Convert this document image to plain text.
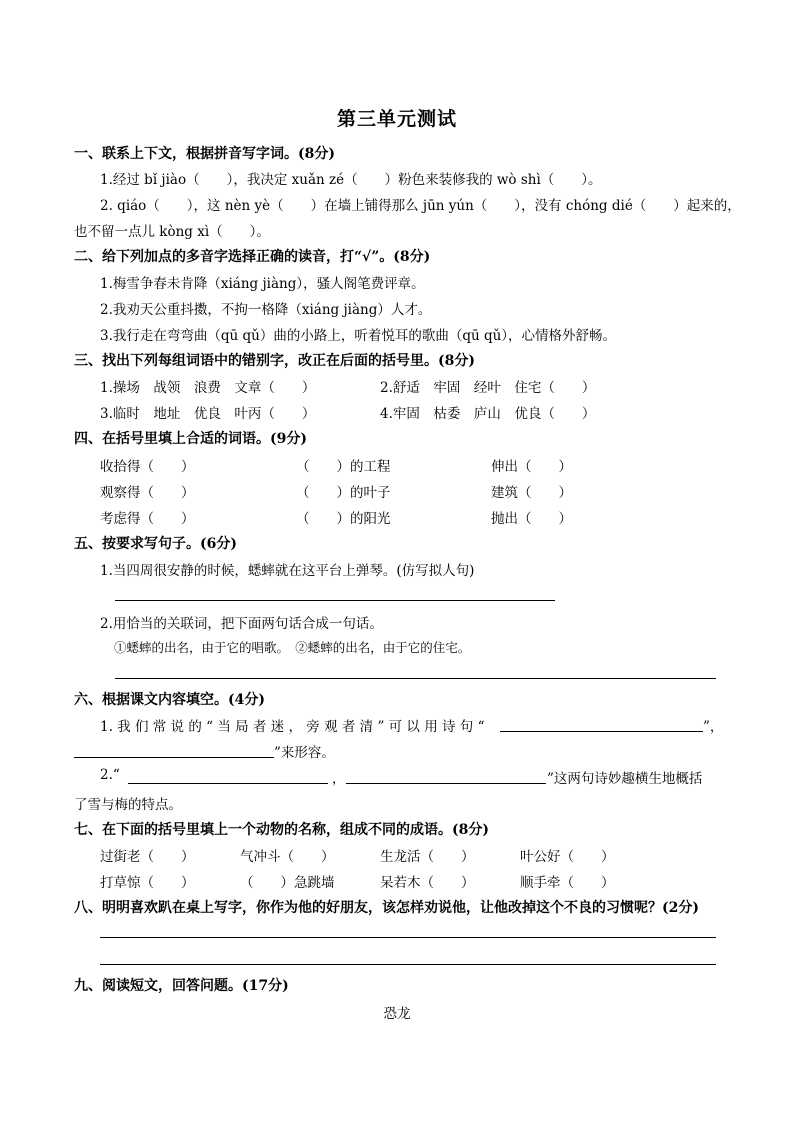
第三单元测试
一、联系上下文，根据拼音写字词。(8分)
1.经过 bǐ jiào（　　），我决定 xuǎn zé（　　）粉色来装修我的 wò shì（　　）。
2. qiáo（　　），这 nèn yè（　　）在墙上铺得那么 jūn yún（　　），没有 chóng dié（　　）起来的，
也不留一点儿 kòng xì（　　）。
二、给下列加点的多音字选择正确的读音，打“√”。(8分)
1.梅雪争春未肯降（xiáng jiàng），骚人阁笔费评章。
2.我劝天公重抖擞，不拘一格降（xiáng jiàng）人才。
3.我行走在弯弯曲（qū qǔ）曲的小路上，听着悦耳的歌曲（qū qǔ），心情格外舒畅。
三、找出下列每组词语中的错别字，改正在后面的括号里。(8分)
1.操场　战领　浪费　文章（　　）	2.舒适　牢固　经叶　住宅（　　）
3.临时　地址　优良　叶丙（　　）	4.牢固　枯委　庐山　优良（　　）
四、在括号里填上合适的词语。(9分)
收拾得（　　）	（　　）的工程	伸出（　　）
观察得（　　）	（　　）的叶子	建筑（　　）
考虑得（　　）	（　　）的阳光	抛出（　　）
五、按要求写句子。(6分)
1.当四周很安静的时候，蟋蟀就在这平台上弹琴。(仿写拟人句)
2.用恰当的关联词，把下面两句话合成一句话。
①蟋蟀的出名，由于它的唱歌。　②蟋蟀的出名，由于它的住宅。
六、根据课文内容填空。(4分)
1. 我 们 常 说 的 “ 当 局 者 迷 ， 旁 观 者 清 ” 可 以 用 诗 句 “	”，
”来形容。
2.“	，	”这两句诗妙趣横生地概括
了雪与梅的特点。
七、在下面的括号里填上一个动物的名称，组成不同的成语。(8分)
过街老（　　）	气冲斗（　　）	生龙活（　　）	叶公好（　　）
打草惊（　　）	（　　）急跳墙	呆若木（　　）	顺手牵（　　）
八、明明喜欢趴在桌上写字，你作为他的好朋友，该怎样劝说他，让他改掉这个不良的习惯呢？(2分)
九、阅读短文，回答问题。(17分)
恐龙
